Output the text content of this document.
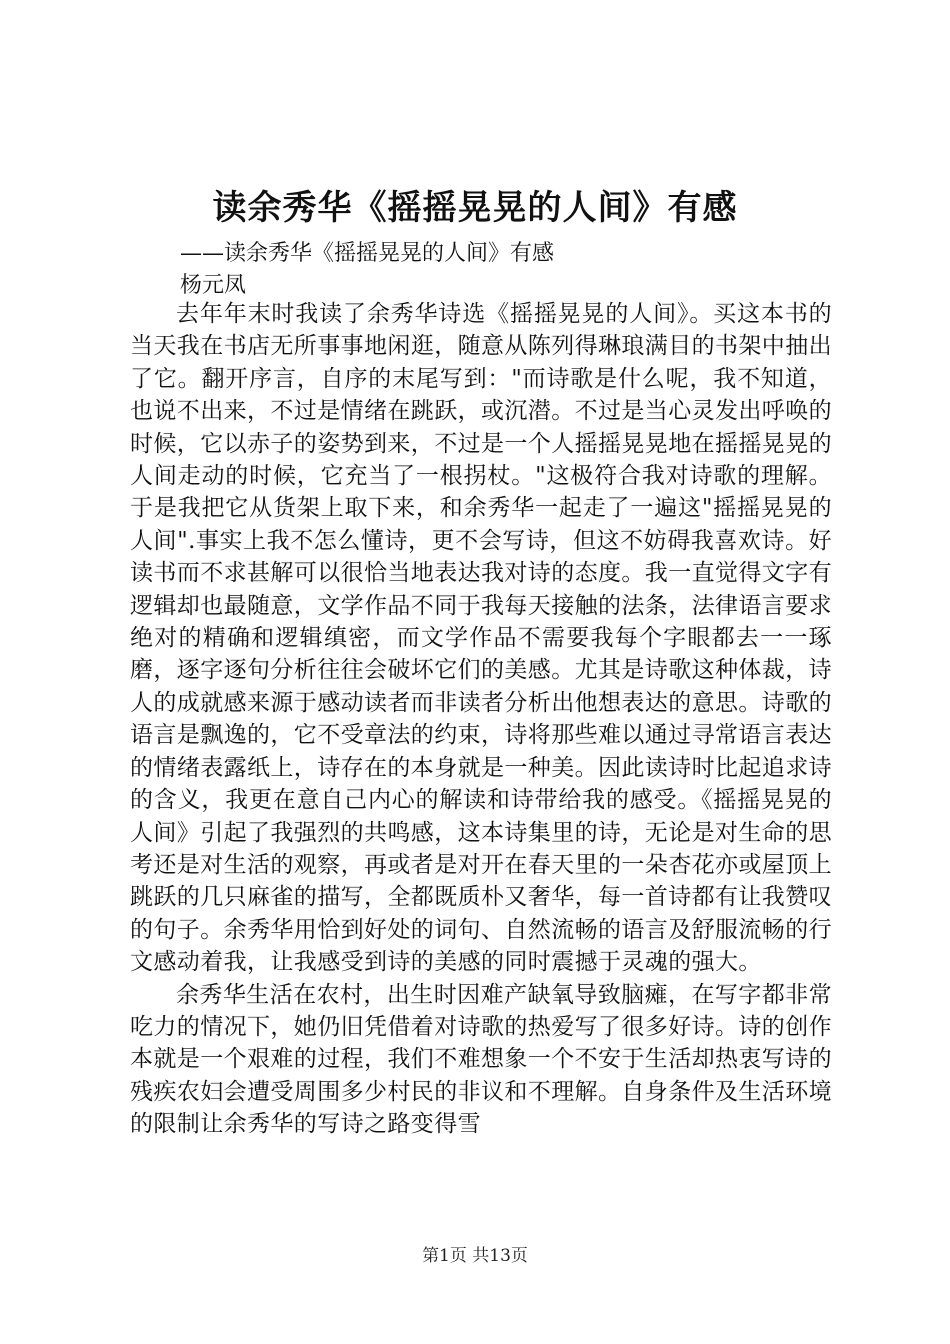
读余秀华《摇摇晃晃的人间》有感
——读余秀华《摇摇晃晃的人间》有感
杨元凤

去年年末时我读了余秀华诗选《摇摇晃晃的人间》。买这本书的当天我在书店无所事事地闲逛，随意从陈列得琳琅满目的书架中抽出了它。翻开序言，自序的末尾写到："而诗歌是什么呢，我不知道，也说不出来，不过是情绪在跳跃，或沉潜。不过是当心灵发出呼唤的时候，它以赤子的姿势到来，不过是一个人摇摇晃晃地在摇摇晃晃的人间走动的时候，它充当了一根拐杖。"这极符合我对诗歌的理解。于是我把它从货架上取下来，和余秀华一起走了一遍这"摇摇晃晃的人间".事实上我不怎么懂诗，更不会写诗，但这不妨碍我喜欢诗。好读书而不求甚解可以很恰当地表达我对诗的态度。我一直觉得文字有逻辑却也最随意，文学作品不同于我每天接触的法条，法律语言要求绝对的精确和逻辑缜密，而文学作品不需要我每个字眼都去一一琢磨，逐字逐句分析往往会破坏它们的美感。尤其是诗歌这种体裁，诗人的成就感来源于感动读者而非读者分析出他想表达的意思。诗歌的语言是飘逸的，它不受章法的约束，诗将那些难以通过寻常语言表达的情绪表露纸上，诗存在的本身就是一种美。因此读诗时比起追求诗的含义，我更在意自己内心的解读和诗带给我的感受。《摇摇晃晃的人间》引起了我强烈的共鸣感，这本诗集里的诗，无论是对生命的思考还是对生活的观察，再或者是对开在春天里的一朵杏花亦或屋顶上跳跃的几只麻雀的描写，全都既质朴又奢华，每一首诗都有让我赞叹的句子。余秀华用恰到好处的词句、自然流畅的语言及舒服流畅的行文感动着我，让我感受到诗的美感的同时震撼于灵魂的强大。

余秀华生活在农村，出生时因难产缺氧导致脑瘫，在写字都非常吃力的情况下，她仍旧凭借着对诗歌的热爱写了很多好诗。诗的创作本就是一个艰难的过程，我们不难想象一个不安于生活却热衷写诗的残疾农妇会遭受周围多少村民的非议和不理解。自身条件及生活环境的限制让余秀华的写诗之路变得雪

第1页 共13页
